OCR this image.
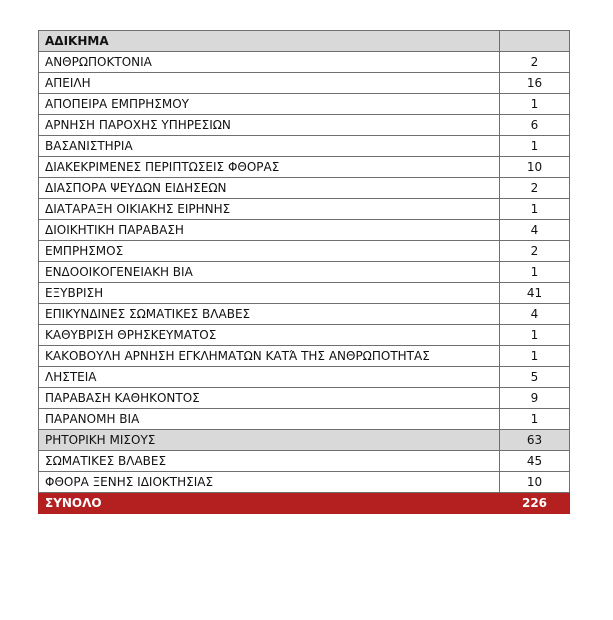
ΑΔΙΚΗΜΑ	
ΑΝΘΡΩΠΟΚΤΟΝΙΑ	2
ΑΠΕΙΛΗ	16
ΑΠΟΠΕΙΡΑ ΕΜΠΡΗΣΜΟΥ	1
ΑΡΝΗΣΗ ΠΑΡΟΧΗΣ ΥΠΗΡΕΣΙΩΝ	6
ΒΑΣΑΝΙΣΤΗΡΙΑ	1
ΔΙΑΚΕΚΡΙΜΕΝΕΣ ΠΕΡΙΠΤΩΣΕΙΣ ΦΘΟΡΑΣ	10
ΔΙΑΣΠΟΡΑ ΨΕΥΔΩΝ ΕΙΔΗΣΕΩΝ	2
ΔΙΑΤΑΡΑΞΗ ΟΙΚΙΑΚΗΣ ΕΙΡΗΝΗΣ	1
ΔΙΟΙΚΗΤΙΚΗ ΠΑΡΑΒΑΣΗ	4
ΕΜΠΡΗΣΜΟΣ	2
ΕΝΔΟΟΙΚΟΓΕΝΕΙΑΚΗ ΒΙΑ	1
ΕΞΥΒΡΙΣΗ	41
ΕΠΙΚΥΝΔΙΝΕΣ ΣΩΜΑΤΙΚΕΣ ΒΛΑΒΕΣ	4
ΚΑΘΥΒΡΙΣΗ ΘΡΗΣΚΕΥΜΑΤΟΣ	1
ΚΑΚΟΒΟΥΛΗ ΑΡΝΗΣΗ ΕΓΚΛΗΜΑΤΩΝ ΚΑΤΆ ΤΗΣ ΑΝΘΡΩΠΟΤΗΤΑΣ	1
ΛΗΣΤΕΙΑ	5
ΠΑΡΑΒΑΣΗ ΚΑΘΗΚΟΝΤΟΣ	9
ΠΑΡΑΝΟΜΗ ΒΙΑ	1
ΡΗΤΟΡΙΚΗ ΜΙΣΟΥΣ	63
ΣΩΜΑΤΙΚΕΣ ΒΛΑΒΕΣ	45
ΦΘΟΡΑ ΞΕΝΗΣ ΙΔΙΟΚΤΗΣΙΑΣ	10
ΣΥΝΟΛΟ	226
